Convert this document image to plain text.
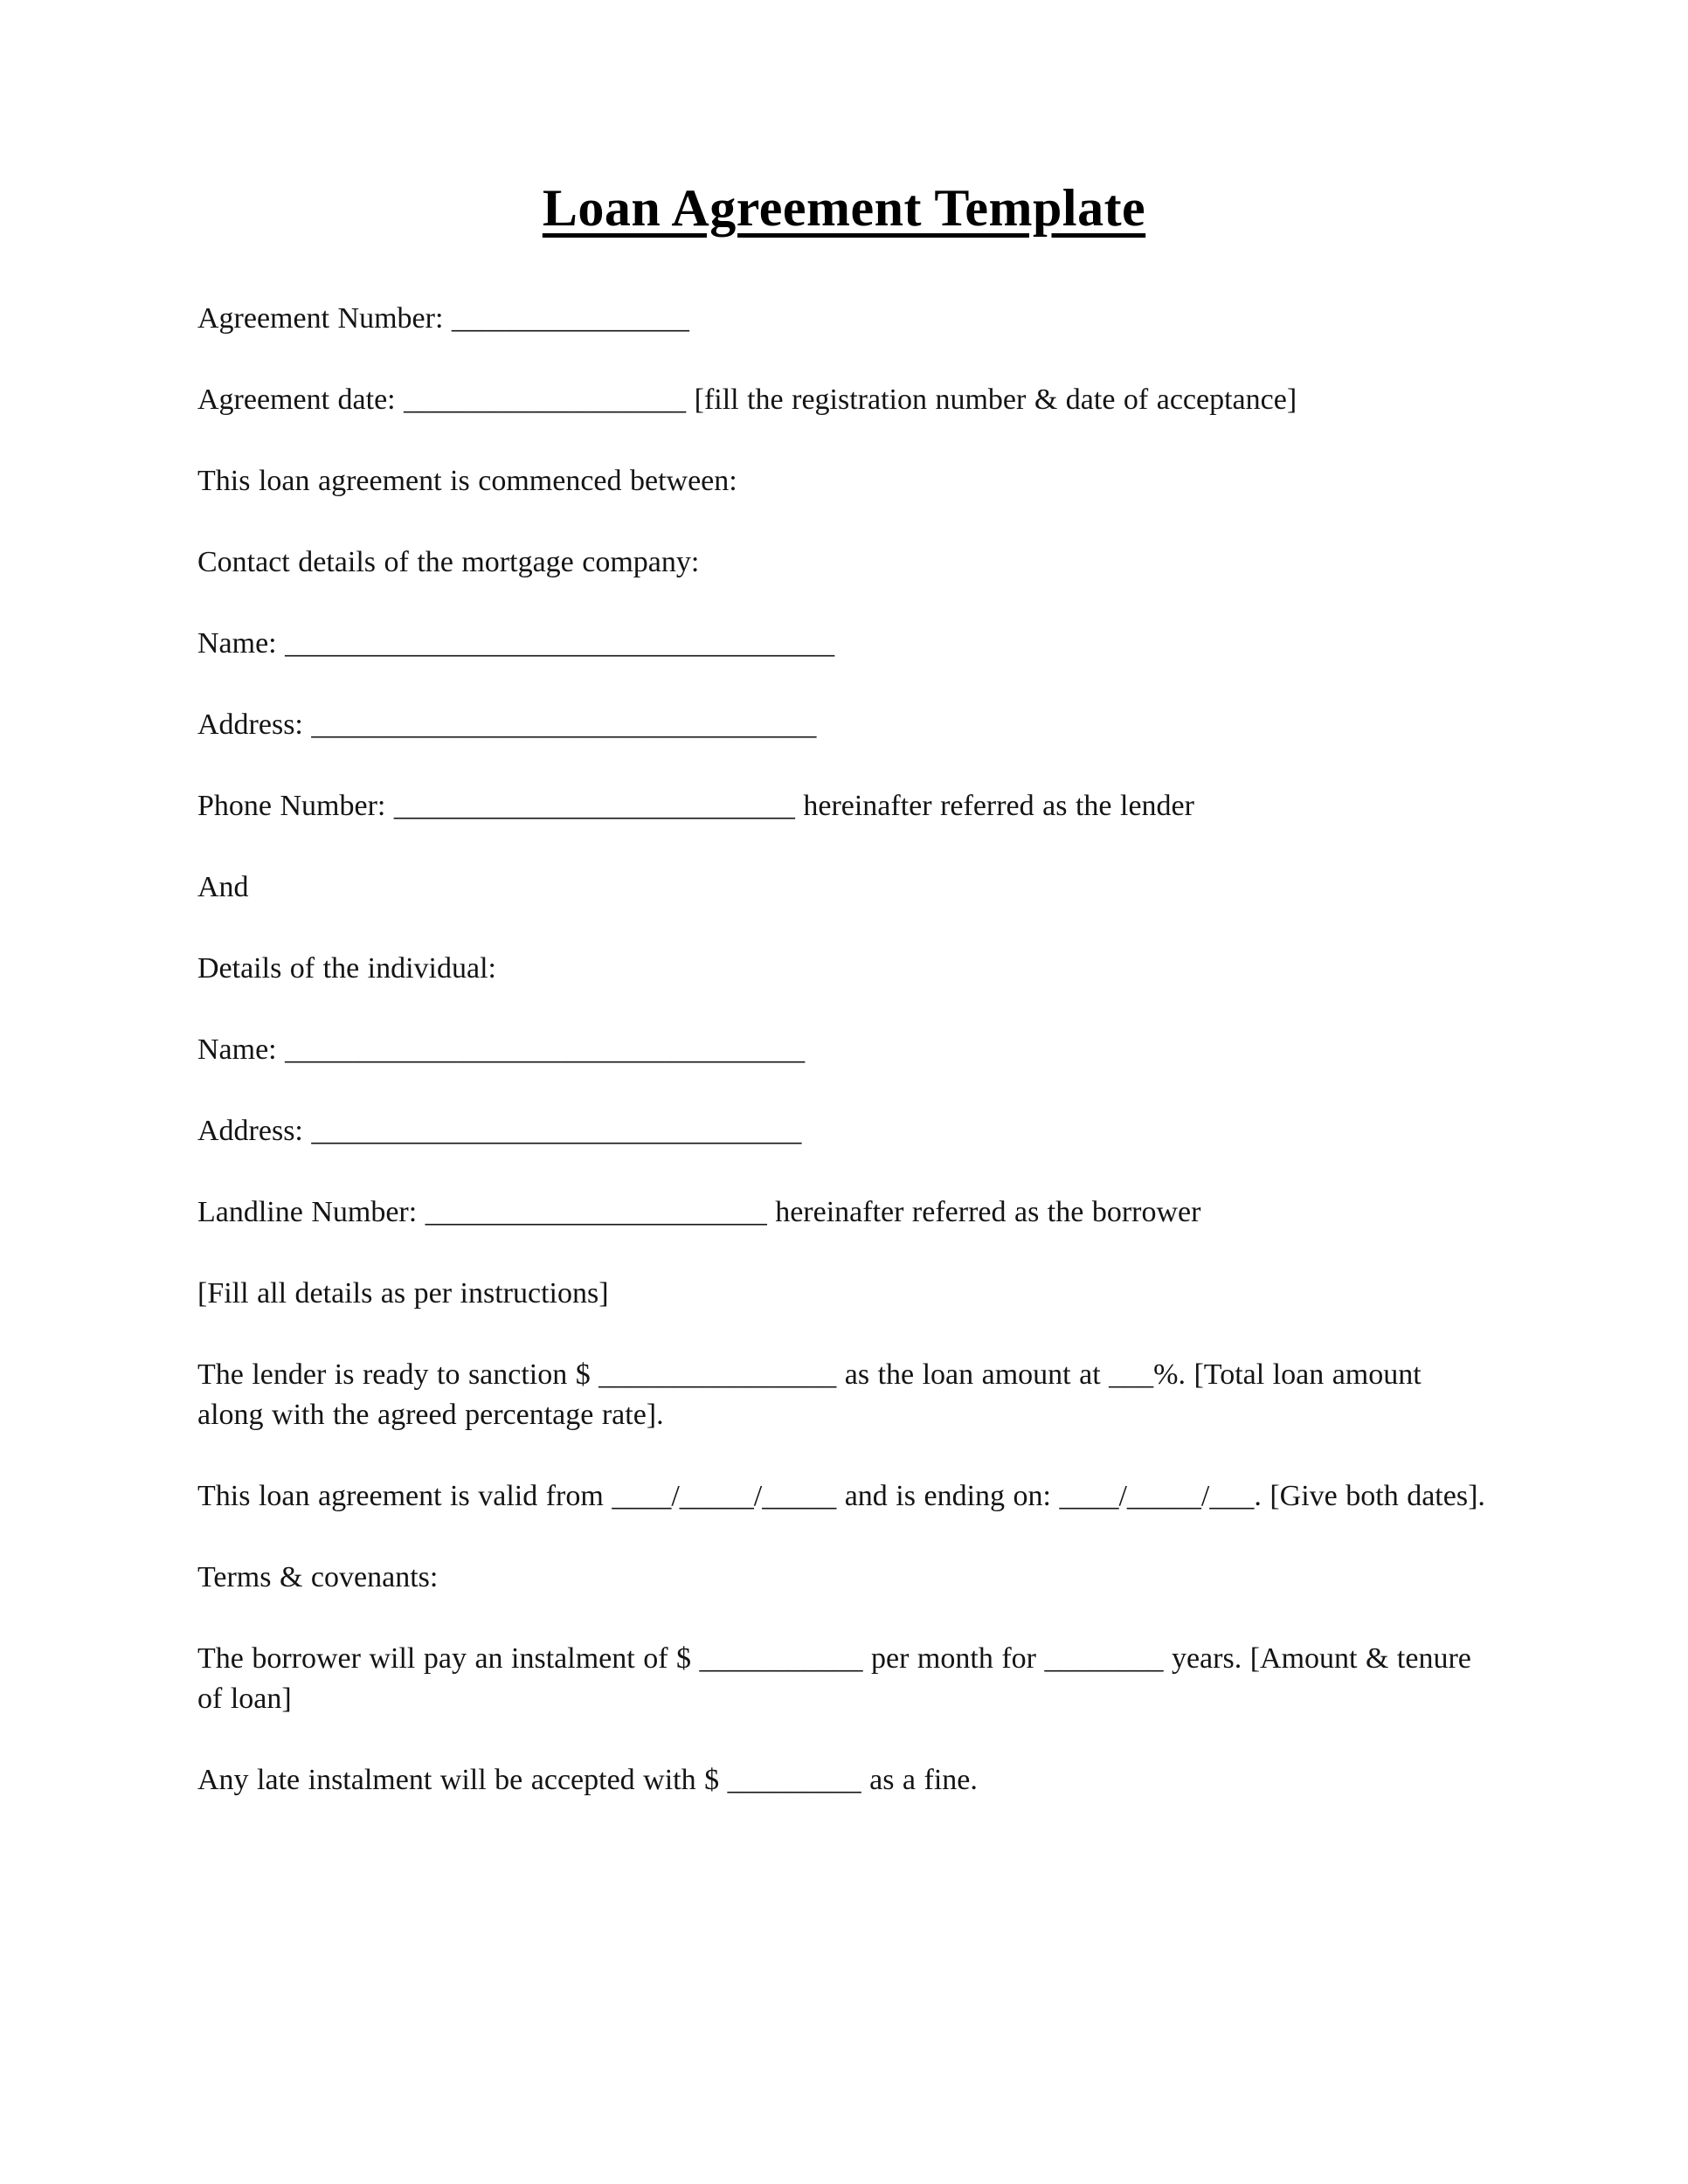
Loan Agreement Template

Agreement Number: ________________

Agreement date: ___________________ [fill the registration number & date of acceptance]

This loan agreement is commenced between:

Contact details of the mortgage company:

Name: _____________________________________

Address: __________________________________

Phone Number: ___________________________ hereinafter referred as the lender

And

Details of the individual:

Name: ___________________________________

Address: _________________________________

Landline Number: _______________________ hereinafter referred as the borrower

[Fill all details as per instructions]

The lender is ready to sanction $ ________________ as the loan amount at ___%. [Total loan amount along with the agreed percentage rate].

This loan agreement is valid from ____/_____/_____ and is ending on: ____/_____/___. [Give both dates].

Terms & covenants:

The borrower will pay an instalment of $ ___________ per month for ________ years. [Amount & tenure of loan]

Any late instalment will be accepted with $ _________ as a fine.
